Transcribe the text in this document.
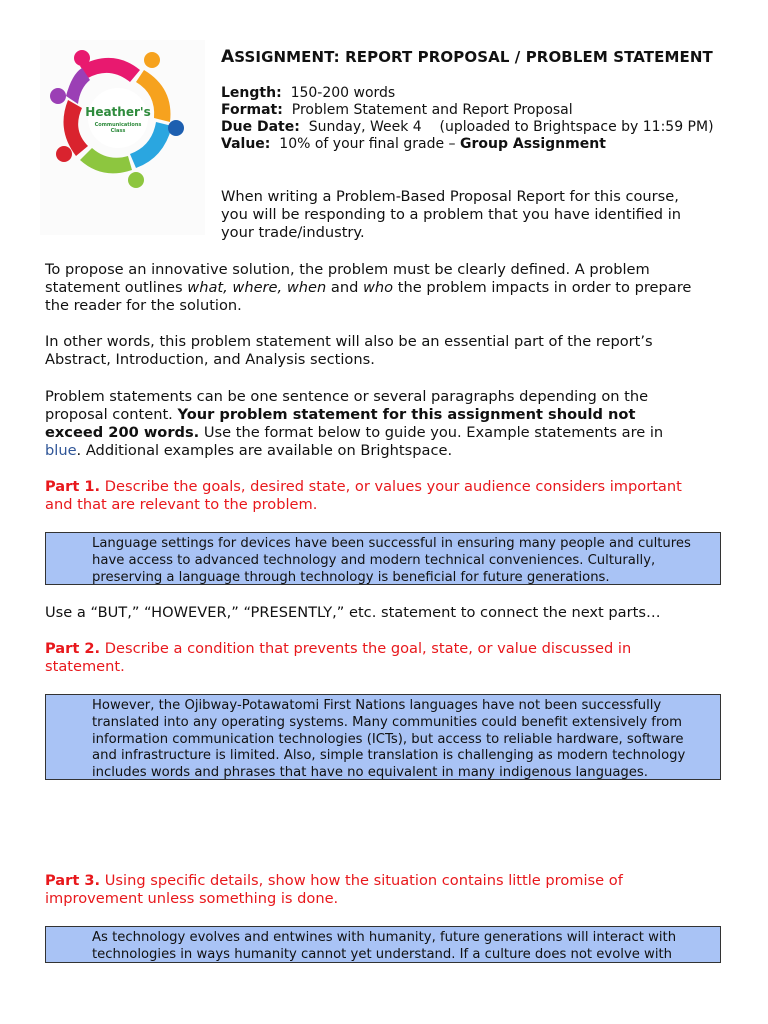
Heather's
Communications
Class
ASSIGNMENT: REPORT PROPOSAL / PROBLEM STATEMENT
Length: 150-200 words
Format: Problem Statement and Report Proposal
Due Date: Sunday, Week 4    (uploaded to Brightspace by 11:59 PM)
Value: 10% of your final grade – Group Assignment
When writing a Problem-Based Proposal Report for this course,
you will be responding to a problem that you have identified in
your trade/industry.
To propose an innovative solution, the problem must be clearly defined. A problem
statement outlines what, where, when and who the problem impacts in order to prepare
the reader for the solution.
In other words, this problem statement will also be an essential part of the report’s
Abstract, Introduction, and Analysis sections.
Problem statements can be one sentence or several paragraphs depending on the
proposal content. Your problem statement for this assignment should not
exceed 200 words. Use the format below to guide you. Example statements are in
blue. Additional examples are available on Brightspace.
Part 1. Describe the goals, desired state, or values your audience considers important
and that are relevant to the problem.
Language settings for devices have been successful in ensuring many people and cultures
have access to advanced technology and modern technical conveniences. Culturally,
preserving a language through technology is beneficial for future generations.
Use a “BUT,” “HOWEVER,” “PRESENTLY,” etc. statement to connect the next parts…
Part 2. Describe a condition that prevents the goal, state, or value discussed in
statement.
However, the Ojibway-Potawatomi First Nations languages have not been successfully
translated into any operating systems. Many communities could benefit extensively from
information communication technologies (ICTs), but access to reliable hardware, software
and infrastructure is limited. Also, simple translation is challenging as modern technology
includes words and phrases that have no equivalent in many indigenous languages.
Part 3. Using specific details, show how the situation contains little promise of
improvement unless something is done.
As technology evolves and entwines with humanity, future generations will interact with
technologies in ways humanity cannot yet understand. If a culture does not evolve with
